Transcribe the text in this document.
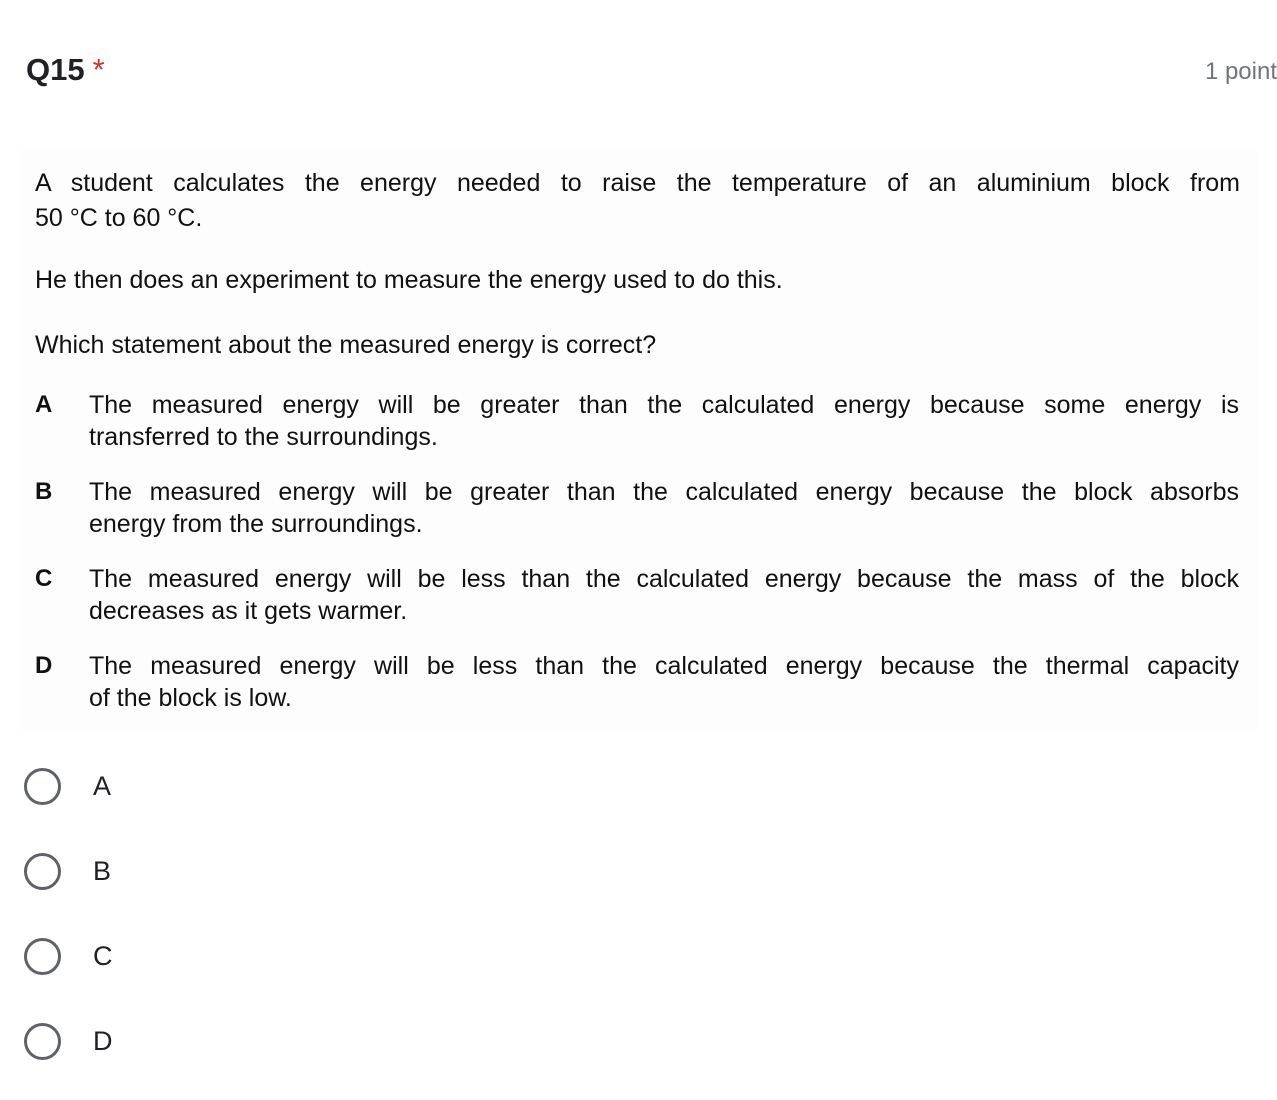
Q15 *	1 point
A student calculates the energy needed to raise the temperature of an aluminium block from
50 °C to 60 °C.
He then does an experiment to measure the energy used to do this.
Which statement about the measured energy is correct?
A The measured energy will be greater than the calculated energy because some energy is
transferred to the surroundings.
B The measured energy will be greater than the calculated energy because the block absorbs
energy from the surroundings.
C The measured energy will be less than the calculated energy because the mass of the block
decreases as it gets warmer.
D The measured energy will be less than the calculated energy because the thermal capacity
of the block is low.
A
B
C
D
